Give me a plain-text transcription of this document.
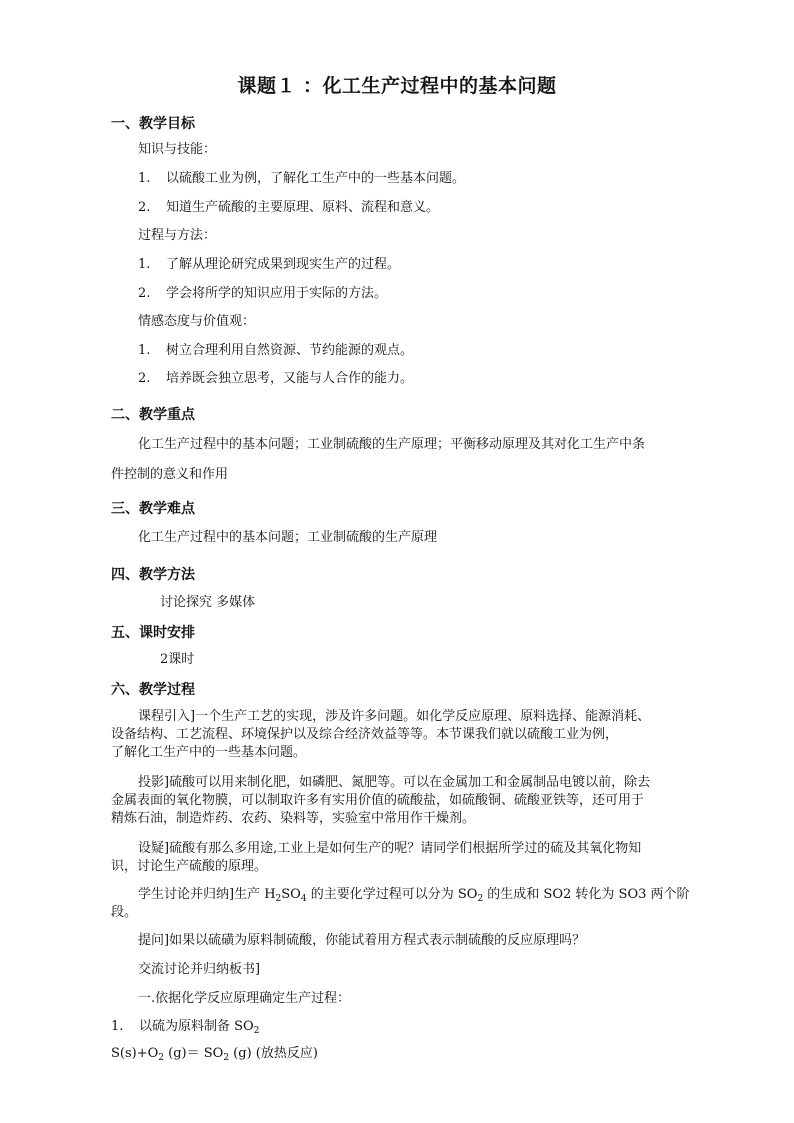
课题１ ：化工生产过程中的基本问题
一、教学目标
知识与技能：
1. 以硫酸工业为例，了解化工生产中的一些基本问题。
2. 知道生产硫酸的主要原理、原料、流程和意义。
过程与方法：
1. 了解从理论研究成果到现实生产的过程。
2. 学会将所学的知识应用于实际的方法。
情感态度与价值观：
1. 树立合理利用自然资源、节约能源的观点。
2. 培养既会独立思考，又能与人合作的能力。
二、教学重点
化工生产过程中的基本问题；工业制硫酸的生产原理；平衡移动原理及其对化工生产中条
件控制的意义和作用
三、教学难点
化工生产过程中的基本问题；工业制硫酸的生产原理
四、教学方法
讨论探究 多媒体
五、课时安排
2课时
六、教学过程
课程引入]一个生产工艺的实现，涉及许多问题。如化学反应原理、原料选择、能源消耗、
设备结构、工艺流程、环境保护以及综合经济效益等等。本节课我们就以硫酸工业为例，
了解化工生产中的一些基本问题。
投影]硫酸可以用来制化肥，如磷肥、氮肥等。可以在金属加工和金属制品电镀以前，除去
金属表面的氧化物膜，可以制取许多有实用价值的硫酸盐，如硫酸铜、硫酸亚铁等，还可用于
精炼石油，制造炸药、农药、染料等，实验室中常用作干燥剂。
设疑]硫酸有那么多用途,工业上是如何生产的呢？请同学们根据所学过的硫及其氧化物知
识，讨论生产硫酸的原理。
学生讨论并归纳]生产 $H_2SO_4$ 的主要化学过程可以分为 $SO_2$ 的生成和 SO2 转化为 SO3 两个阶
段。
提问]如果以硫磺为原料制硫酸，你能试着用方程式表示制硫酸的反应原理吗？
交流讨论并归纳板书]
一.依据化学反应原理确定生产过程：
1. 以硫为原料制备 $SO_2$
$S(s)+O_2$ $(g)= SO_2$ (g) (放热反应)
